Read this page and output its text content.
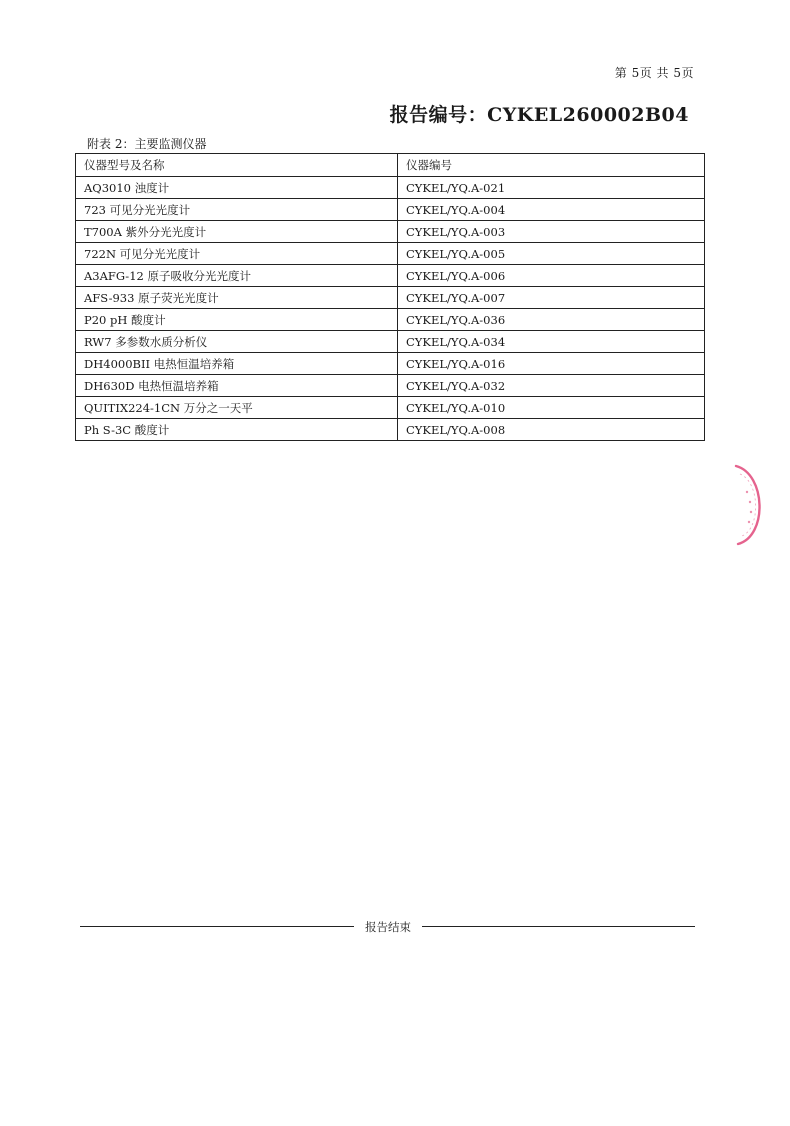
第 5页 共 5页
报告编号：CYKEL260002B04
附表 2：主要监测仪器
仪器型号及名称	仪器编号
AQ3010 浊度计	CYKEL/YQ.A-021
723 可见分光光度计	CYKEL/YQ.A-004
T700A 紫外分光光度计	CYKEL/YQ.A-003
722N 可见分光光度计	CYKEL/YQ.A-005
A3AFG-12 原子吸收分光光度计	CYKEL/YQ.A-006
AFS-933 原子荧光光度计	CYKEL/YQ.A-007
P20 pH 酸度计	CYKEL/YQ.A-036
RW7 多参数水质分析仪	CYKEL/YQ.A-034
DH4000BII 电热恒温培养箱	CYKEL/YQ.A-016
DH630D 电热恒温培养箱	CYKEL/YQ.A-032
QUITIX224-1CN 万分之一天平	CYKEL/YQ.A-010
Ph S-3C 酸度计	CYKEL/YQ.A-008
报告结束
